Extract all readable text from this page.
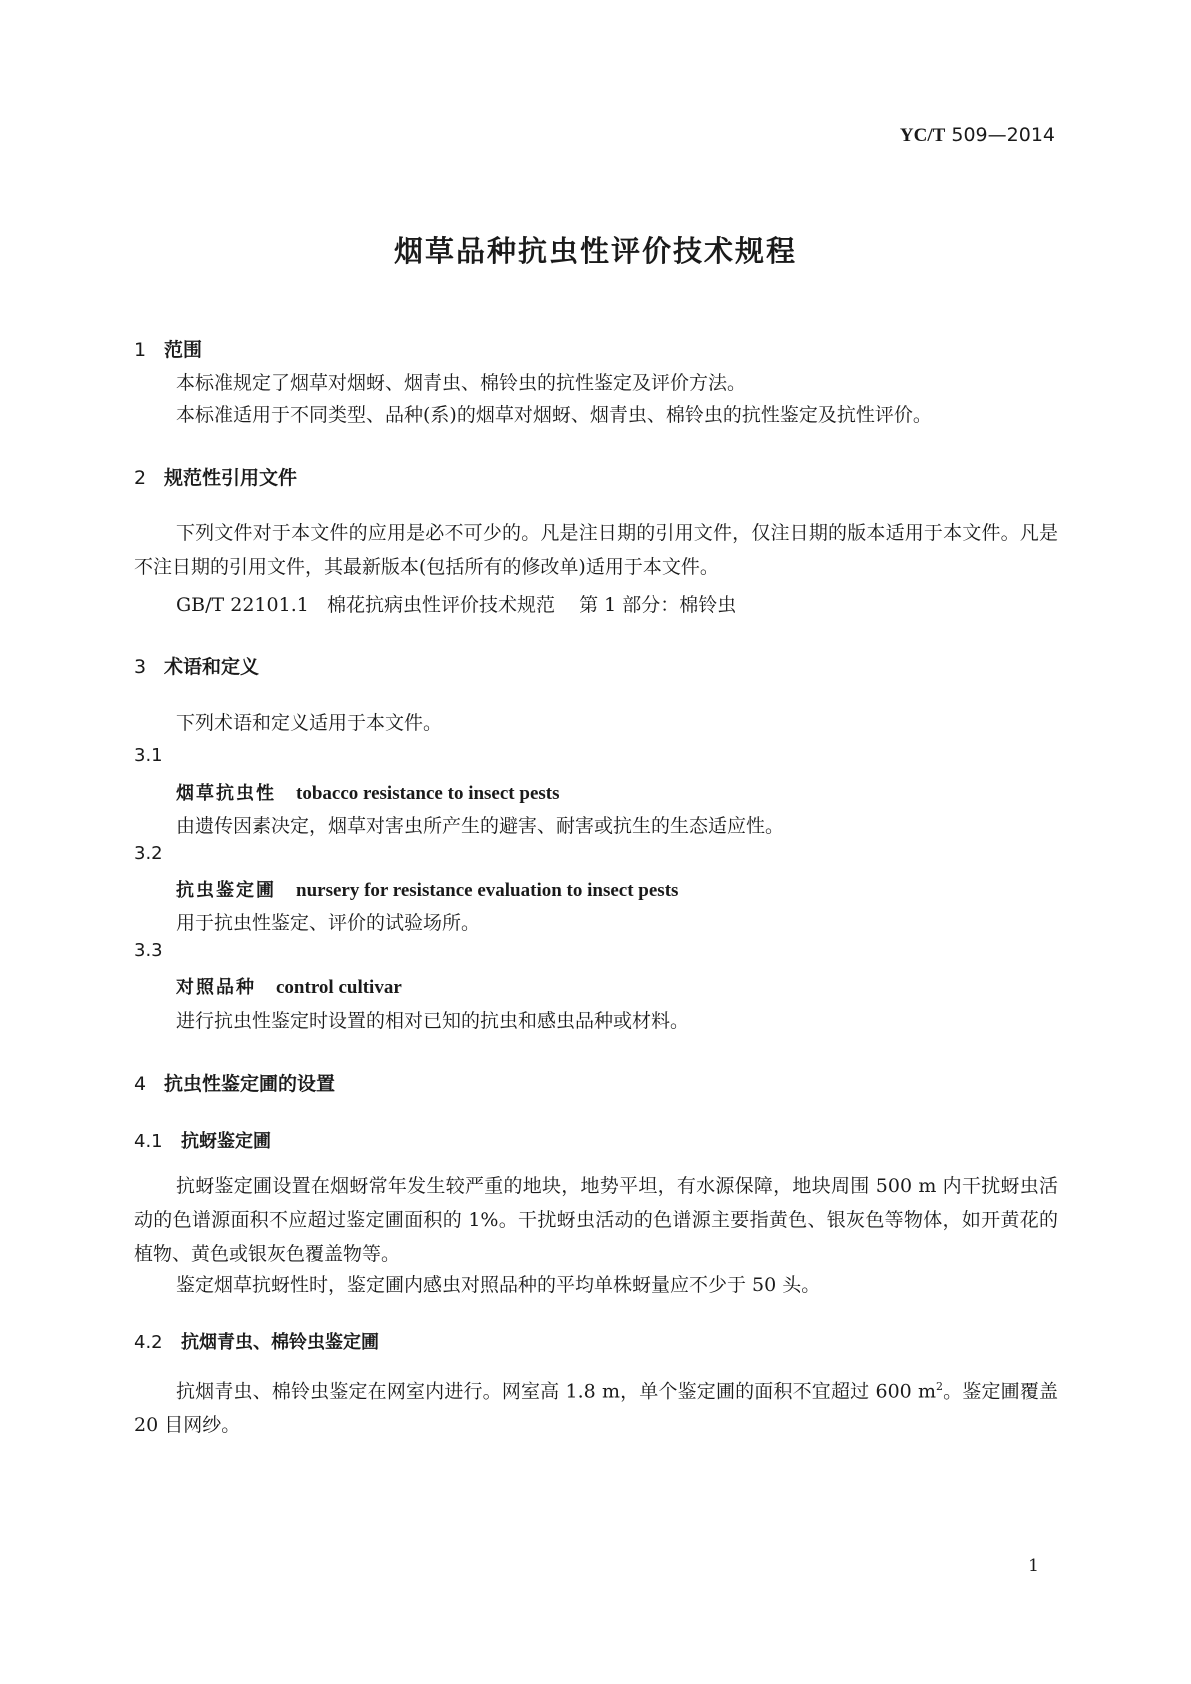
YC/T 509—2014
烟草品种抗虫性评价技术规程
1 范围
本标准规定了烟草对烟蚜、烟青虫、棉铃虫的抗性鉴定及评价方法。
本标准适用于不同类型、品种(系)的烟草对烟蚜、烟青虫、棉铃虫的抗性鉴定及抗性评价。
2 规范性引用文件
下列文件对于本文件的应用是必不可少的。凡是注日期的引用文件，仅注日期的版本适用于本文件。凡是不注日期的引用文件，其最新版本(包括所有的修改单)适用于本文件。
GB/T 22101.1 棉花抗病虫性评价技术规范 第 1 部分：棉铃虫
3 术语和定义
下列术语和定义适用于本文件。
3.1
烟草抗虫性 tobacco resistance to insect pests
由遗传因素决定，烟草对害虫所产生的避害、耐害或抗生的生态适应性。
3.2
抗虫鉴定圃 nursery for resistance evaluation to insect pests
用于抗虫性鉴定、评价的试验场所。
3.3
对照品种 control cultivar
进行抗虫性鉴定时设置的相对已知的抗虫和感虫品种或材料。
4 抗虫性鉴定圃的设置
4.1 抗蚜鉴定圃
抗蚜鉴定圃设置在烟蚜常年发生较严重的地块，地势平坦，有水源保障，地块周围 500 m 内干扰蚜虫活动的色谱源面积不应超过鉴定圃面积的 1%。干扰蚜虫活动的色谱源主要指黄色、银灰色等物体，如开黄花的植物、黄色或银灰色覆盖物等。
鉴定烟草抗蚜性时，鉴定圃内感虫对照品种的平均单株蚜量应不少于 50 头。
4.2 抗烟青虫、棉铃虫鉴定圃
抗烟青虫、棉铃虫鉴定在网室内进行。网室高 1.8 m，单个鉴定圃的面积不宜超过 600 $m^2$。鉴定圃覆盖 20 目网纱。
1
